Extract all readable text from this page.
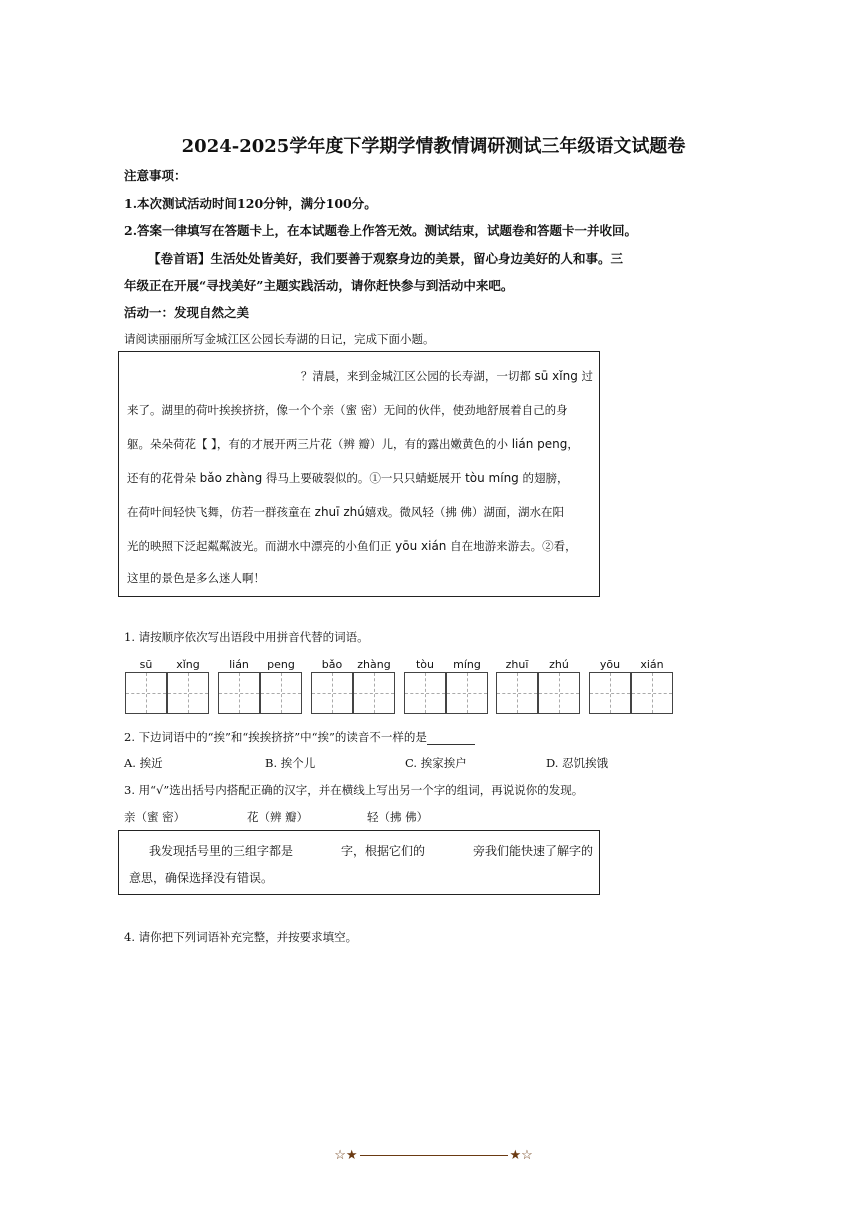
2024-2025学年度下学期学情教情调研测试三年级语文试题卷
注意事项：
1.本次测试活动时间120分钟，满分100分。
2.答案一律填写在答题卡上，在本试题卷上作答无效。测试结束，试题卷和答题卡一并收回。
【卷首语】生活处处皆美好，我们要善于观察身边的美景，留心身边美好的人和事。三
年级正在开展“寻找美好”主题实践活动，请你赶快参与到活动中来吧。
活动一：发现自然之美
请阅读丽丽所写金城江区公园长寿湖的日记，完成下面小题。
？清晨，来到金城江区公园的长寿湖，一切都 sū xǐng 过
来了。湖里的荷叶挨挨挤挤，像一个个亲（蜜 密）无间的伙伴，使劲地舒展着自己的身
躯。朵朵荷花【 】，有的才展开两三片花（辨 瓣）儿，有的露出嫩黄色的小 lián peng，
还有的花骨朵 bǎo zhàng 得马上要破裂似的。①一只只蜻蜓展开 tòu míng 的翅膀，
在荷叶间轻快飞舞，仿若一群孩童在 zhuī zhú嬉戏。微风轻（拂 佛）湖面，湖水在阳
光的映照下泛起粼粼波光。而湖水中漂亮的小鱼们正 yōu xián 自在地游来游去。②看，
这里的景色是多么迷人啊！
1. 请按顺序依次写出语段中用拼音代替的词语。
sū	xǐng	lián	peng	bǎo	zhàng	tòu	míng	zhuī	zhú	yōu	xián
2. 下边词语中的“挨”和“挨挨挤挤”中“挨”的读音不一样的是
A. 挨近	B. 挨个儿	C. 挨家挨户	D. 忍饥挨饿
3. 用“√”选出括号内搭配正确的汉字，并在横线上写出另一个字的组词，再说说你的发现。
亲（蜜 密）	花（辨 瓣）	轻（拂 佛）
我发现括号里的三组字都是	字，根据它们的	旁我们能快速了解字的
意思，确保选择没有错误。
4. 请你把下列词语补充完整，并按要求填空。
☆★	★☆
